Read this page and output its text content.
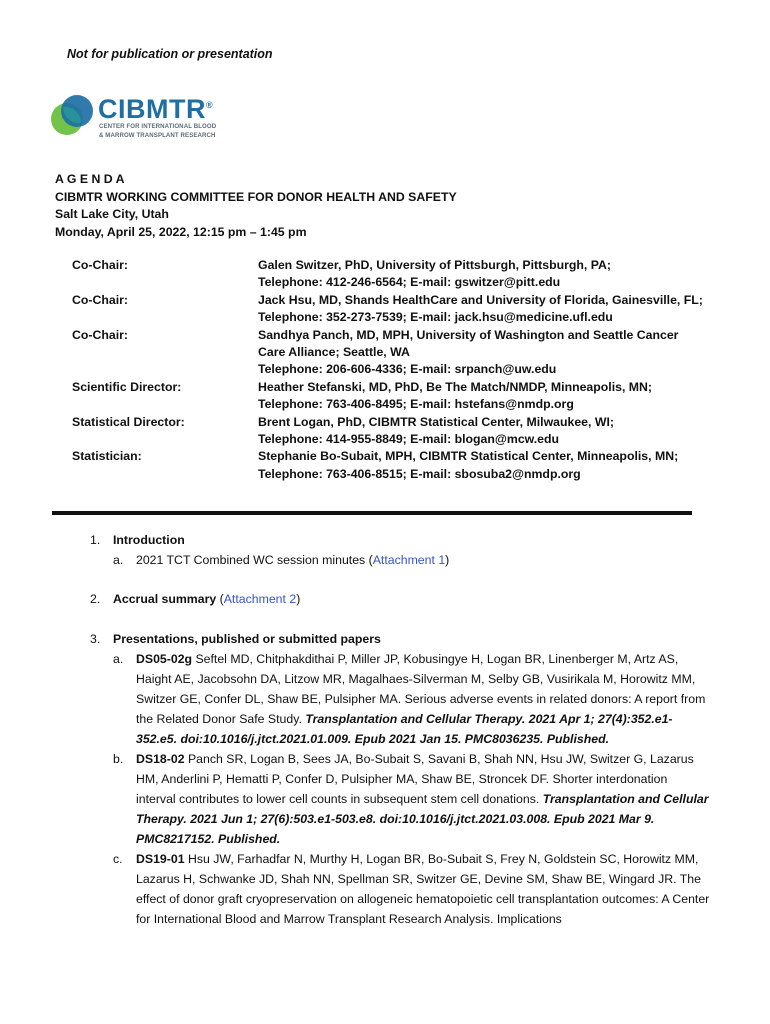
Not for publication or presentation
CIBMTR®
CENTER FOR INTERNATIONAL BLOOD
& MARROW TRANSPLANT RESEARCH
A G E N D A
CIBMTR WORKING COMMITTEE FOR DONOR HEALTH AND SAFETY
Salt Lake City, Utah
Monday, April 25, 2022, 12:15 pm – 1:45 pm
Co-Chair:	Galen Switzer, PhD, University of Pittsburgh, Pittsburgh, PA;
Telephone: 412-246-6564; E-mail: gswitzer@pitt.edu
Co-Chair:	Jack Hsu, MD, Shands HealthCare and University of Florida, Gainesville, FL;
Telephone: 352-273-7539; E-mail: jack.hsu@medicine.ufl.edu
Co-Chair:	Sandhya Panch, MD, MPH, University of Washington and Seattle Cancer
Care Alliance; Seattle, WA
Telephone: 206-606-4336; E-mail: srpanch@uw.edu
Scientific Director:	Heather Stefanski, MD, PhD, Be The Match/NMDP, Minneapolis, MN;
Telephone: 763-406-8495; E-mail: hstefans@nmdp.org
Statistical Director:	Brent Logan, PhD, CIBMTR Statistical Center, Milwaukee, WI;
Telephone: 414-955-8849; E-mail: blogan@mcw.edu
Statistician:	Stephanie Bo-Subait, MPH, CIBMTR Statistical Center, Minneapolis, MN;
Telephone: 763-406-8515; E-mail: sbosuba2@nmdp.org
1.	Introduction
a.	2021 TCT Combined WC session minutes (Attachment 1)
2.	Accrual summary (Attachment 2)
3.	Presentations, published or submitted papers
a.	DS05-02g Seftel MD, Chitphakdithai P, Miller JP, Kobusingye H, Logan BR, Linenberger M, Artz AS, Haight AE, Jacobsohn DA, Litzow MR, Magalhaes-Silverman M, Selby GB, Vusirikala M, Horowitz MM, Switzer GE, Confer DL, Shaw BE, Pulsipher MA. Serious adverse events in related donors: A report from the Related Donor Safe Study. Transplantation and Cellular Therapy. 2021 Apr 1; 27(4):352.e1-352.e5. doi:10.1016/j.jtct.2021.01.009. Epub 2021 Jan 15. PMC8036235. Published.
b.	DS18-02 Panch SR, Logan B, Sees JA, Bo-Subait S, Savani B, Shah NN, Hsu JW, Switzer G, Lazarus HM, Anderlini P, Hematti P, Confer D, Pulsipher MA, Shaw BE, Stroncek DF. Shorter interdonation interval contributes to lower cell counts in subsequent stem cell donations. Transplantation and Cellular Therapy. 2021 Jun 1; 27(6):503.e1-503.e8. doi:10.1016/j.jtct.2021.03.008. Epub 2021 Mar 9. PMC8217152. Published.
c.	DS19-01 Hsu JW, Farhadfar N, Murthy H, Logan BR, Bo-Subait S, Frey N, Goldstein SC, Horowitz MM, Lazarus H, Schwanke JD, Shah NN, Spellman SR, Switzer GE, Devine SM, Shaw BE, Wingard JR. The effect of donor graft cryopreservation on allogeneic hematopoietic cell transplantation outcomes: A Center for International Blood and Marrow Transplant Research Analysis. Implications
